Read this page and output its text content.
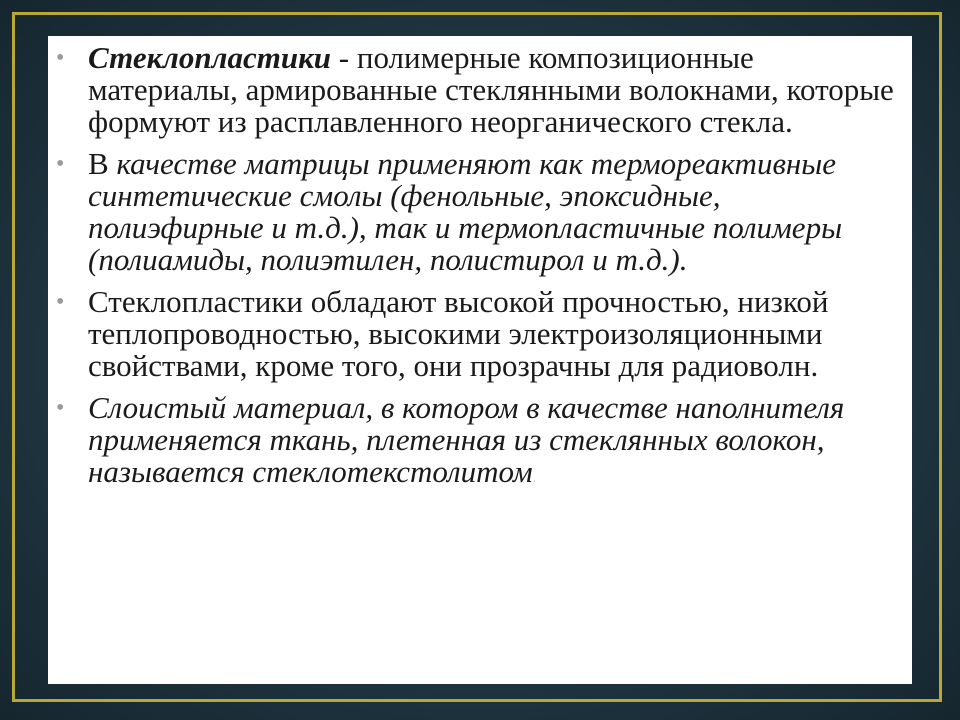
• Стеклопластики - полимерные композиционные материалы, армированные стеклянными волокнами, которые формуют из расплавленного неорганического стекла.
• В качестве матрицы применяют как термореактивные синтетические смолы (фенольные, эпоксидные, полиэфирные и т.д.), так и термопластичные полимеры (полиамиды, полиэтилен, полистирол и т.д.).
• Стеклопластики обладают высокой прочностью, низкой теплопроводностью, высокими электроизоляционными свойствами, кроме того, они прозрачны для радиоволн.
• Слоистый материал, в котором в качестве наполнителя применяется ткань, плетенная из стеклянных волокон, называется стеклотекстолитом.
